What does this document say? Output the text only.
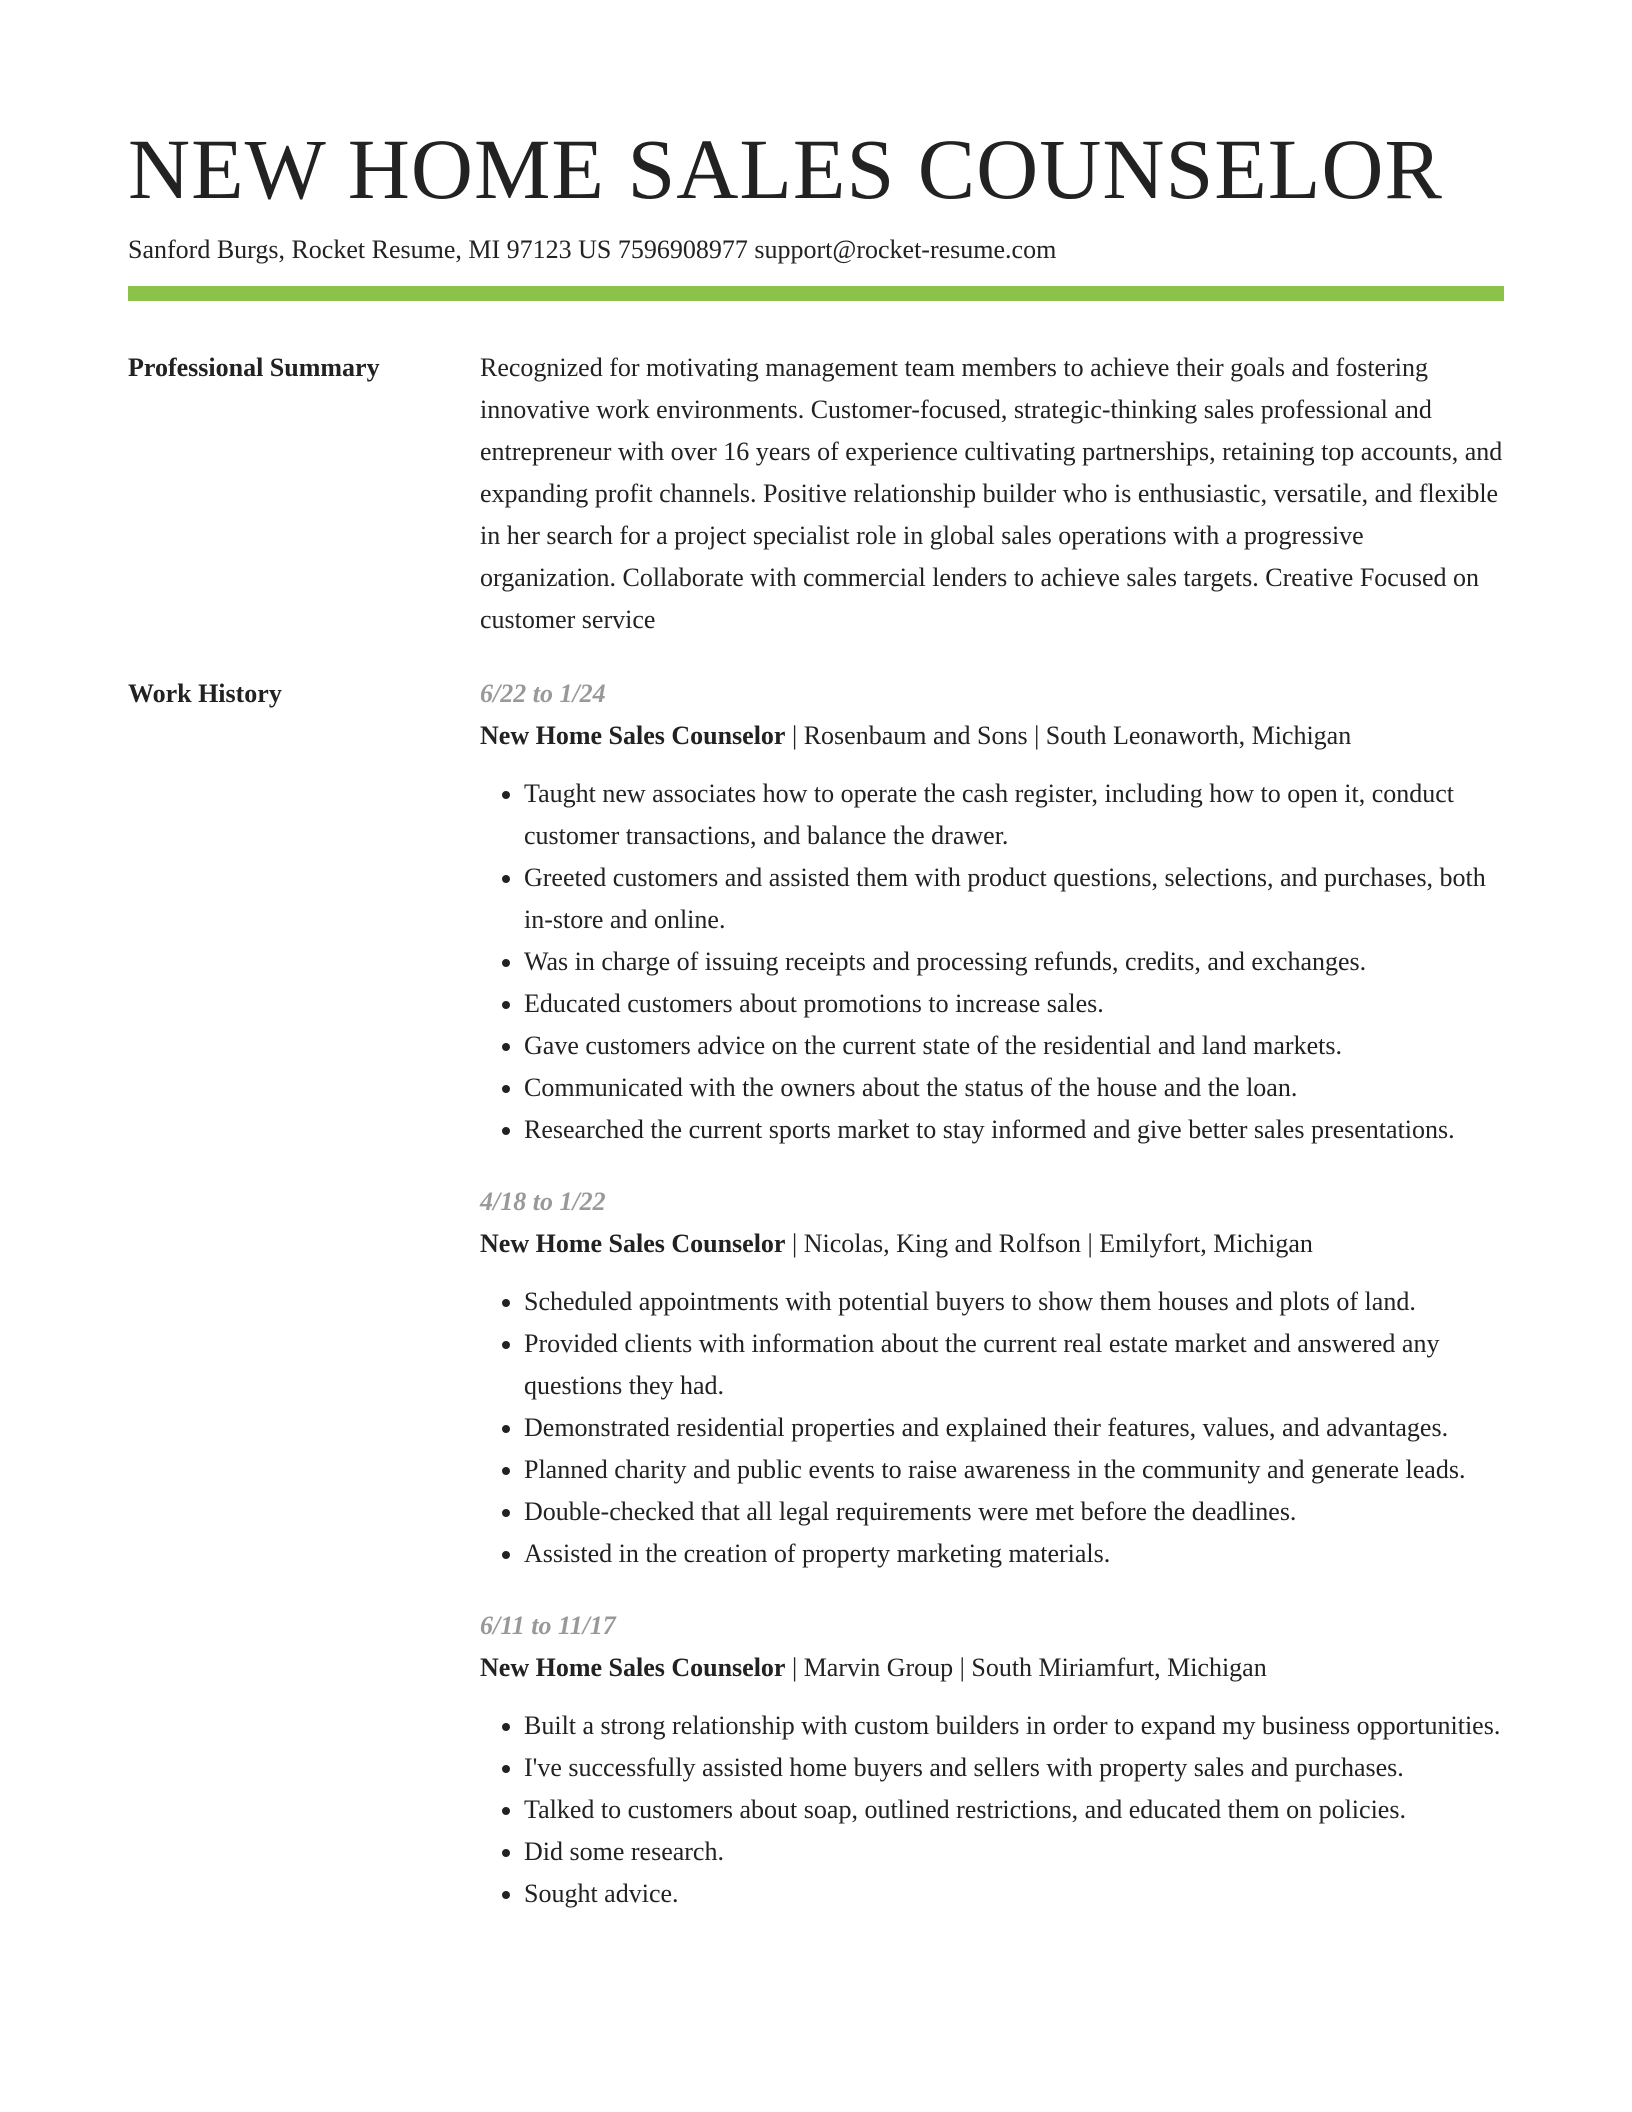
NEW HOME SALES COUNSELOR
Sanford Burgs, Rocket Resume, MI 97123 US 7596908977 support@rocket-resume.com
Professional Summary	Recognized for motivating management team members to achieve their goals and fostering innovative work environments. Customer-focused, strategic-thinking sales professional and entrepreneur with over 16 years of experience cultivating partnerships, retaining top accounts, and expanding profit channels. Positive relationship builder who is enthusiastic, versatile, and flexible in her search for a project specialist role in global sales operations with a progressive organization. Collaborate with commercial lenders to achieve sales targets. Creative Focused on customer service

Work History	6/22 to 1/24
New Home Sales Counselor | Rosenbaum and Sons | South Leonaworth, Michigan
• Taught new associates how to operate the cash register, including how to open it, conduct customer transactions, and balance the drawer.
• Greeted customers and assisted them with product questions, selections, and purchases, both in-store and online.
• Was in charge of issuing receipts and processing refunds, credits, and exchanges.
• Educated customers about promotions to increase sales.
• Gave customers advice on the current state of the residential and land markets.
• Communicated with the owners about the status of the house and the loan.
• Researched the current sports market to stay informed and give better sales presentations.
4/18 to 1/22
New Home Sales Counselor | Nicolas, King and Rolfson | Emilyfort, Michigan
• Scheduled appointments with potential buyers to show them houses and plots of land.
• Provided clients with information about the current real estate market and answered any questions they had.
• Demonstrated residential properties and explained their features, values, and advantages.
• Planned charity and public events to raise awareness in the community and generate leads.
• Double-checked that all legal requirements were met before the deadlines.
• Assisted in the creation of property marketing materials.
6/11 to 11/17
New Home Sales Counselor | Marvin Group | South Miriamfurt, Michigan
• Built a strong relationship with custom builders in order to expand my business opportunities.
• I've successfully assisted home buyers and sellers with property sales and purchases.
• Talked to customers about soap, outlined restrictions, and educated them on policies.
• Did some research.
• Sought advice.
